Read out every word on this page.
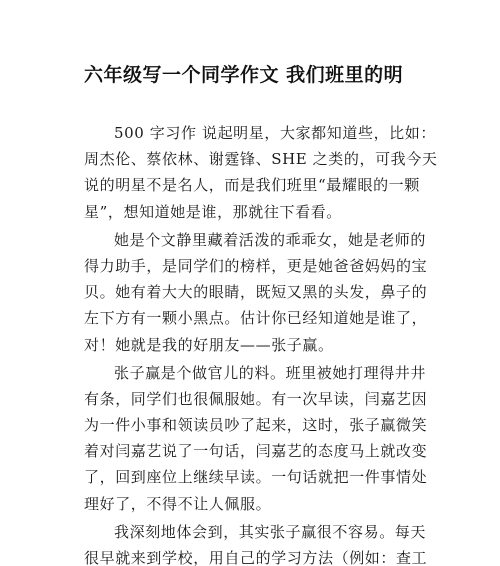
六年级写一个同学作文 我们班里的明
500 字习作 说起明星，大家都知道些，比如：
周杰伦、蔡依林、谢霆锋、SHE 之类的，可我今天
说的明星不是名人，而是我们班里“最耀眼的一颗
星”，想知道她是谁，那就往下看看。
她是个文静里藏着活泼的乖乖女，她是老师的
得力助手，是同学们的榜样，更是她爸爸妈妈的宝
贝。她有着大大的眼睛，既短又黑的头发，鼻子的
左下方有一颗小黑点。估计你已经知道她是谁了，
对！她就是我的好朋友——张子赢。
张子赢是个做官儿的料。班里被她打理得井井
有条，同学们也很佩服她。有一次早读，闫嘉艺因
为一件小事和领读员吵了起来，这时，张子赢微笑
着对闫嘉艺说了一句话，闫嘉艺的态度马上就改变
了，回到座位上继续早读。一句话就把一件事情处
理好了，不得不让人佩服。
我深刻地体会到，其实张子赢很不容易。每天
很早就来到学校，用自己的学习方法（例如：查工
